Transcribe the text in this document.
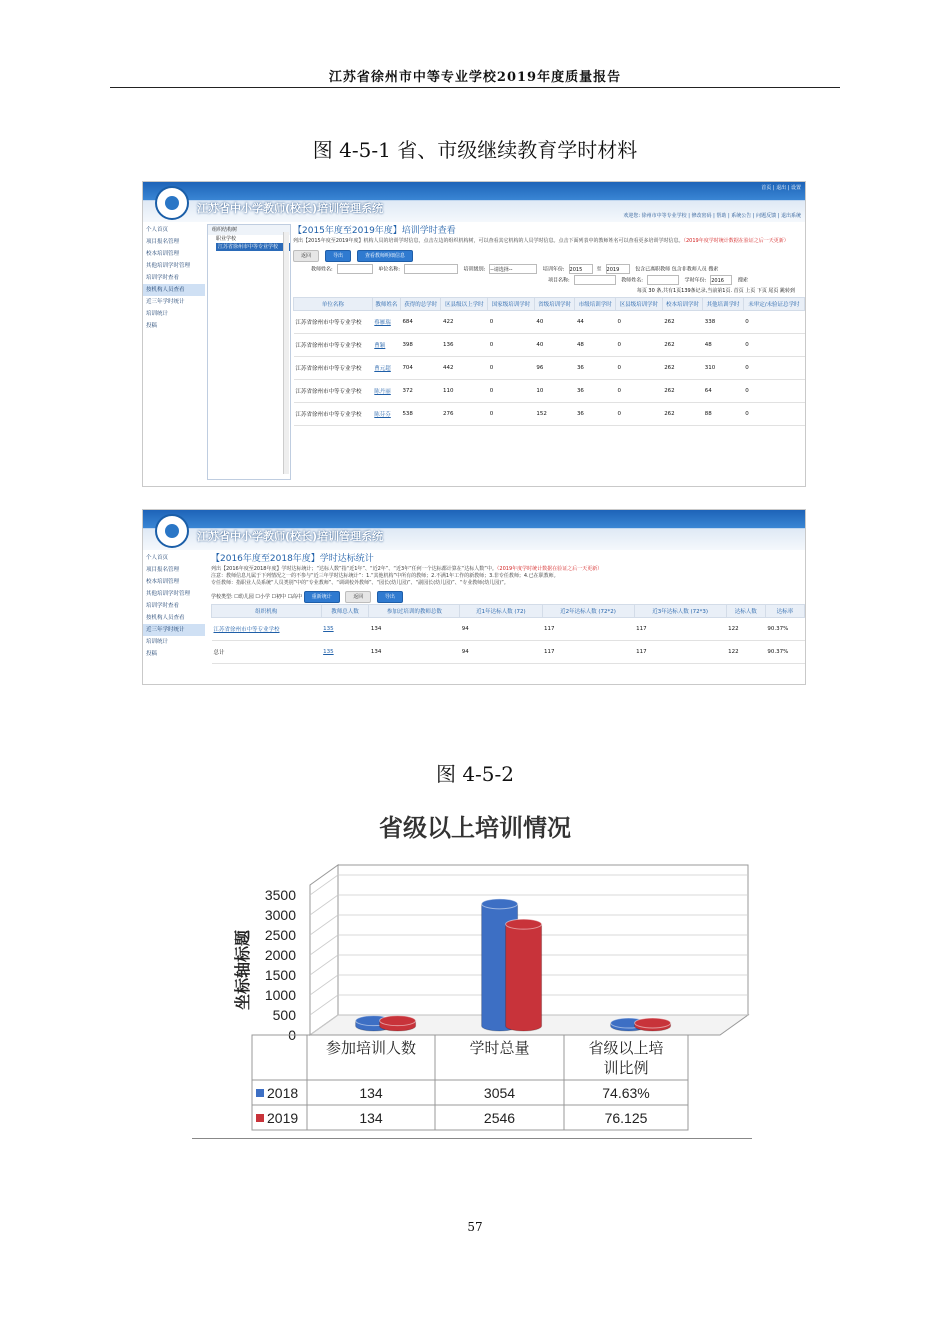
江苏省徐州市中等专业学校2019年度质量报告
图 4-5-1 省、市级继续教育学时材料
江苏省中小学教师(校长)培训管理系统
首页 | 退出 | 设置
欢迎您: 徐州市中等专业学校 | 修改密码 | 帮助 | 系统公告 | 问题反馈 | 退出系统
个人首页
项目报名管理
校本培训管理
其他培训学时管理
培训学时查看
按机构人员查看
近三年学时统计
培训统计
投稿
组织结构树
职业学校
江苏省徐州市中等专业学校
【2015年度至2019年度】培训学时查看
列出【2015年度至2019年度】机构人员的培训学时信息，点击左边的组织机构树，可以查看其它机构的人员学时信息。点击下面列表中的教师姓名可以查看更多培训学时信息。（2019年度学时统计数据在验证之后一天更新）
返回	导出	查看教师明细信息
教师姓名:	单位名称:	培训级别: --请选择--	培训年份: 2015	至 2019	包含已离职教师 包含非教师人员 搜索
项目名称:	教师姓名:	学时年份: 2016	搜索
每页 30 条,共有1页139条记录,当前第1页. 首页 上页 下页 尾页 跳转到
单位名称	教师姓名	获得的总学时	区县级以上学时	国家级培训学时	省级培训学时	市级培训学时	区县级培训学时	校本培训学时	其他培训学时	未审定/未验证总学时
江苏省徐州市中等专业学校	蔡雁瑞	684	422	0	40	44	0	262	338	0
江苏省徐州市中等专业学校	曹颖	398	136	0	40	48	0	262	48	0
江苏省徐州市中等专业学校	曹元超	704	442	0	96	36	0	262	310	0
江苏省徐州市中等专业学校	陈丹丽	372	110	0	10	36	0	262	64	0
江苏省徐州市中等专业学校	陈芬芬	538	276	0	152	36	0	262	88	0
江苏省中小学教师(校长)培训管理系统
个人首页
项目报名管理
校本培训管理
其他培训学时管理
培训学时查看
按机构人员查看
近三年学时统计
培训统计
投稿
【2016年度至2018年度】学时达标统计
列出【2016年度至2018年度】学时达标统计；“达标人数”指“近1年”、“近2年”、“近3年”任何一个达标都计算在“达标人数”中。（2019年度学时统计数据在验证之后一天更新）
注意：教师信息凡属于下列情况之一的不参与“近三年学时达标统计”：1.“其他机构”中所有的教师；2.不满1年工作的新教师；3.非专任教师；4.已在职教师。
专任教师：指职业人员系统“人员类别”中的“专业教师”、“调调校外教师”、“园长(幼儿园)”、“副园长(幼儿园)”、“专业教师(幼儿园)”。
学校类型: ☐幼儿园 ☐小学 ☐初中 ☐高中 重新统计	返回	导出
组织机构	教师总人数	参加过培训的教师总数	近1年达标人数 (72)	近2年达标人数 (72*2)	近3年达标人数 (72*3)	达标人数	达标率
江苏省徐州市中等专业学校	135	134	94	117	117	122	90.37%
总计	135	134	94	117	117	122	90.37%
图 4-5-2
省级以上培训情况
3500
3000
2500
2000
1500
1000
500
0
坐标轴标题
参加培训人数	学时总量	省级以上培
训比例
2018	134	3054	74.63%
2019	134	2546	76.125
57
